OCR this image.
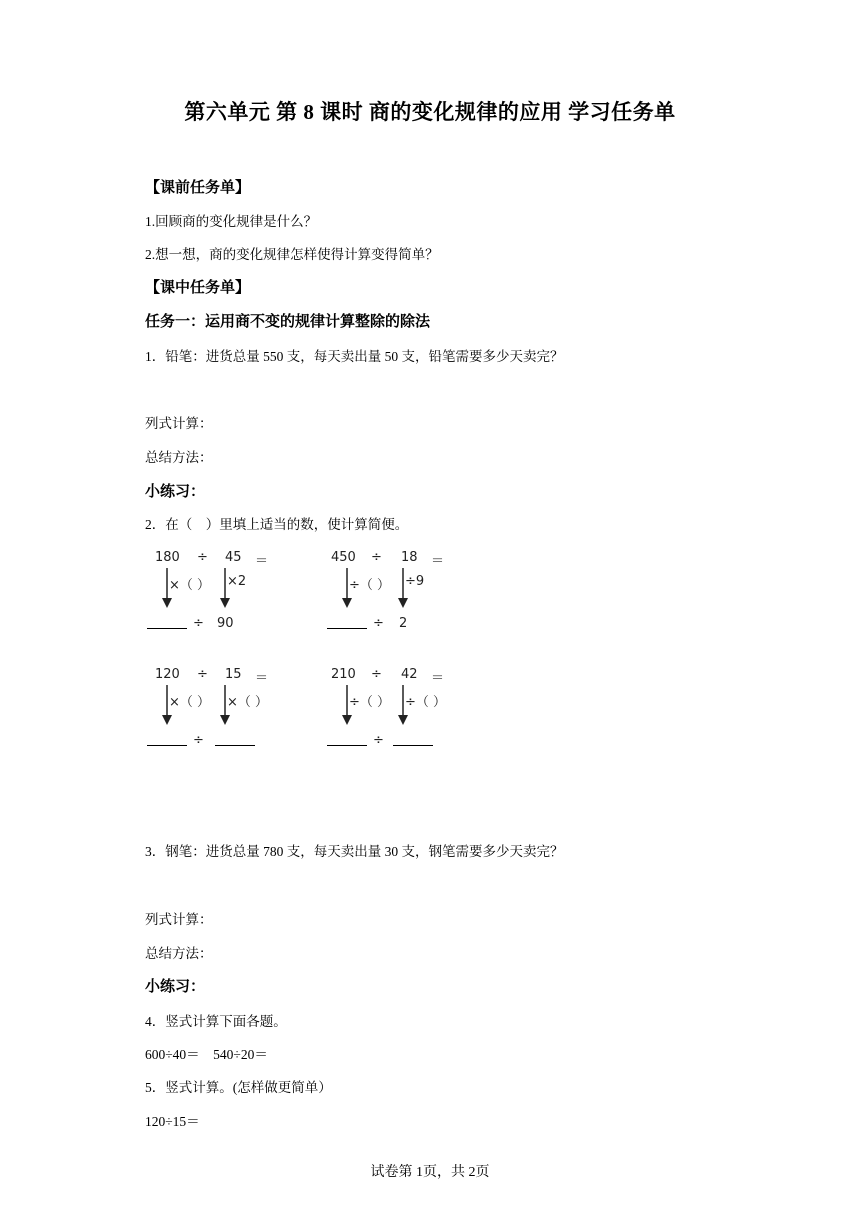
第六单元 第 8 课时 商的变化规律的应用 学习任务单
【课前任务单】
1.回顾商的变化规律是什么？
2.想一想，商的变化规律怎样使得计算变得简单？
【课中任务单】
任务一：运用商不变的规律计算整除的除法
1．铅笔：进货总量 550 支，每天卖出量 50 支，铅笔需要多少天卖完？
列式计算：
总结方法：
小练习：
2．在（　）里填上适当的数，使计算简便。
180 ÷ 45 ＝
×（ ） ×2
÷ 90
450 ÷ 18 ＝
÷（ ） ÷9
÷ 2
120 ÷ 15 ＝
×（ ） ×（ ）
÷
210 ÷ 42 ＝
÷（ ） ÷（ ）
÷
3．钢笔：进货总量 780 支，每天卖出量 30 支，钢笔需要多少天卖完？
列式计算：
总结方法：
小练习：
4．竖式计算下面各题。
600÷40＝　540÷20＝
5．竖式计算。(怎样做更简单）
120÷15＝
试卷第 1页，共 2页
